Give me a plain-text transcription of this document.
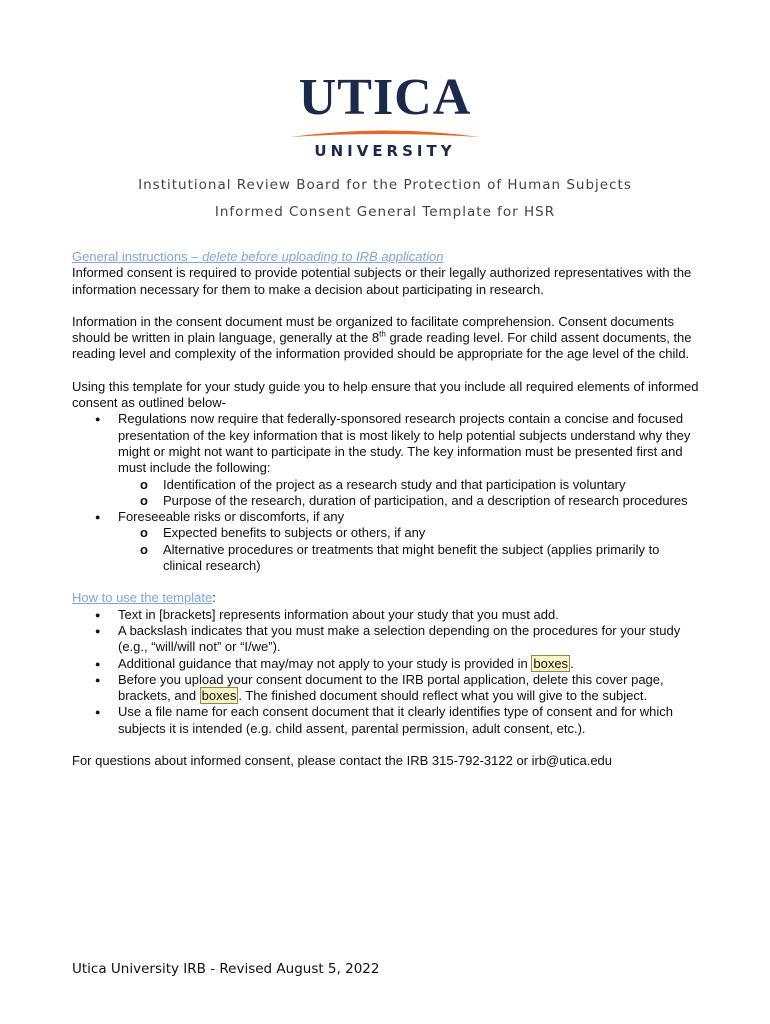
UTICA
UNIVERSITY
Institutional Review Board for the Protection of Human Subjects
Informed Consent General Template for HSR

General instructions – delete before uploading to IRB application

Informed consent is required to provide potential subjects or their legally authorized representatives with the information necessary for them to make a decision about participating in research.

Information in the consent document must be organized to facilitate comprehension. Consent documents should be written in plain language, generally at the 8th grade reading level. For child assent documents, the reading level and complexity of the information provided should be appropriate for the age level of the child.

Using this template for your study guide you to help ensure that you include all required elements of informed consent as outlined below-

● Regulations now require that federally-sponsored research projects contain a concise and focused presentation of the key information that is most likely to help potential subjects understand why they might or might not want to participate in the study. The key information must be presented first and must include the following:
o Identification of the project as a research study and that participation is voluntary
o Purpose of the research, duration of participation, and a description of research procedures
● Foreseeable risks or discomforts, if any
o Expected benefits to subjects or others, if any
o Alternative procedures or treatments that might benefit the subject (applies primarily to clinical research)

How to use the template:

● Text in [brackets] represents information about your study that you must add.
● A backslash indicates that you must make a selection depending on the procedures for your study (e.g., “will/will not” or “I/we”).
● Additional guidance that may/may not apply to your study is provided in boxes .
● Before you upload your consent document to the IRB portal application, delete this cover page, brackets, and boxes . The finished document should reflect what you will give to the subject.
● Use a file name for each consent document that it clearly identifies type of consent and for which subjects it is intended (e.g. child assent, parental permission, adult consent, etc.).

For questions about informed consent, please contact the IRB 315-792-3122 or irb@utica.edu

Utica University IRB - Revised August 5, 2022
